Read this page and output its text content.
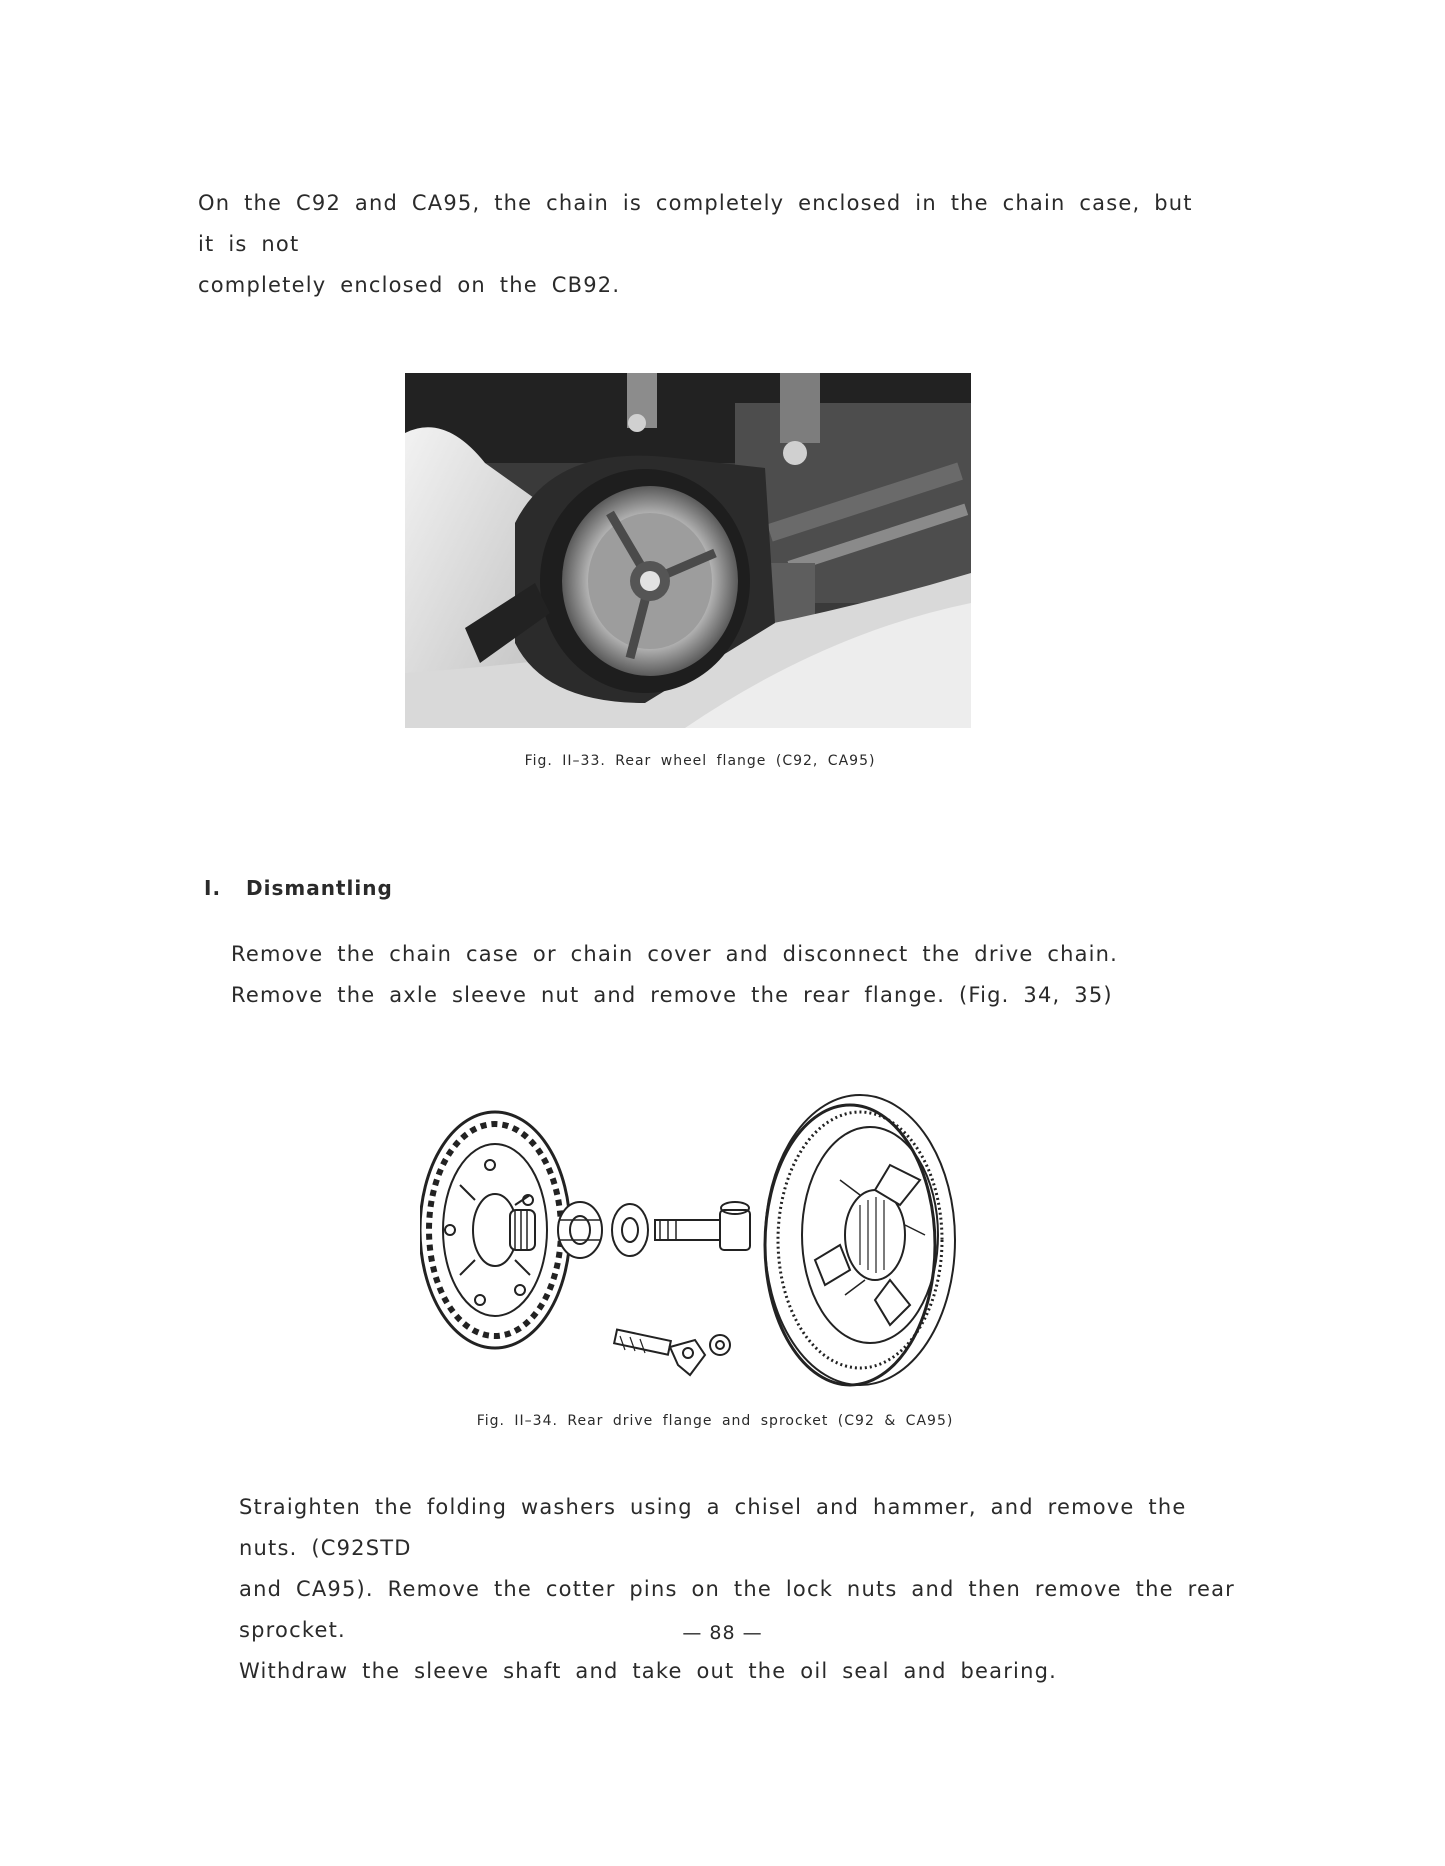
On the C92 and CA95, the chain is completely enclosed in the chain case, but it is not
completely enclosed on the CB92.

Fig. II–33. Rear wheel flange (C92, CA95)

I. Dismantling
Remove the chain case or chain cover and disconnect the drive chain.
Remove the axle sleeve nut and remove the rear flange. (Fig. 34, 35)

Fig. II–34. Rear drive flange and sprocket (C92 & CA95)

Straighten the folding washers using a chisel and hammer, and remove the nuts. (C92STD
and CA95). Remove the cotter pins on the lock nuts and then remove the rear sprocket.
Withdraw the sleeve shaft and take out the oil seal and bearing.
— 88 —
